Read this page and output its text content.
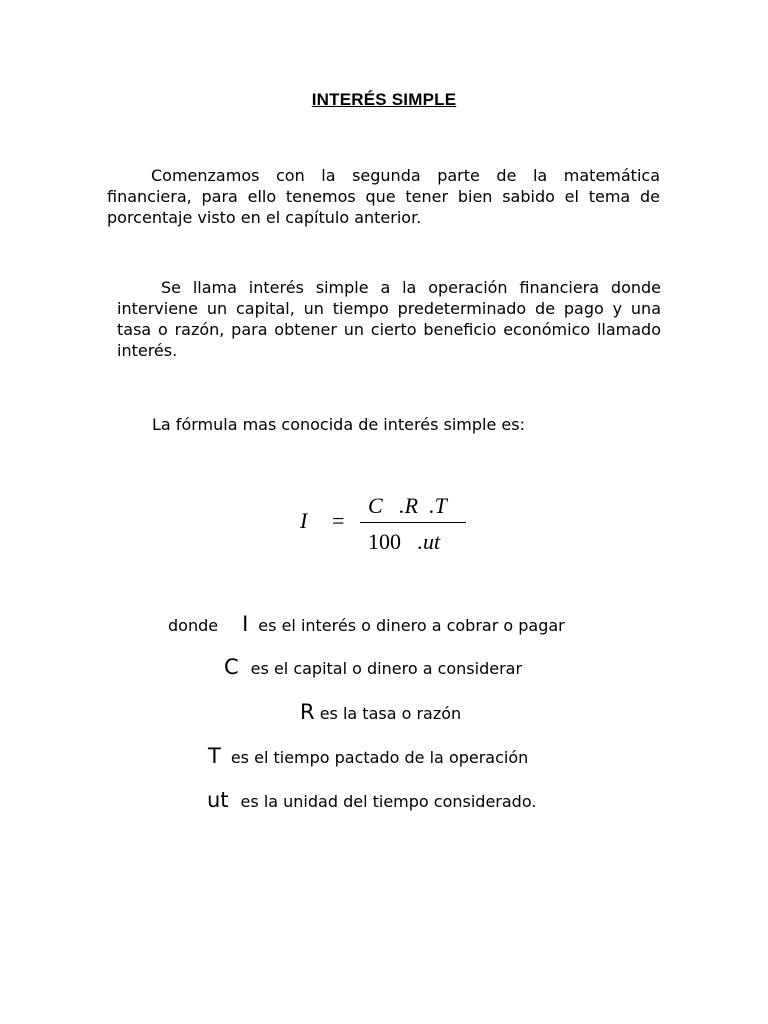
INTERÉS SIMPLE

Comenzamos con la segunda parte de la matemática financiera, para ello tenemos que tener bien sabido el tema de porcentaje visto en el capítulo anterior.

Se llama interés simple a la operación financiera donde interviene un capital, un tiempo predeterminado de pago y una tasa o razón, para obtener un cierto beneficio económico llamado interés.

La fórmula mas conocida de interés simple es:

I =
C   .R  .T
100 .ut
donde I es el interés o dinero a cobrar o pagar
C es el capital o dinero a considerar
R es la tasa o razón
T es el tiempo pactado de la operación
ut es la unidad del tiempo considerado.
